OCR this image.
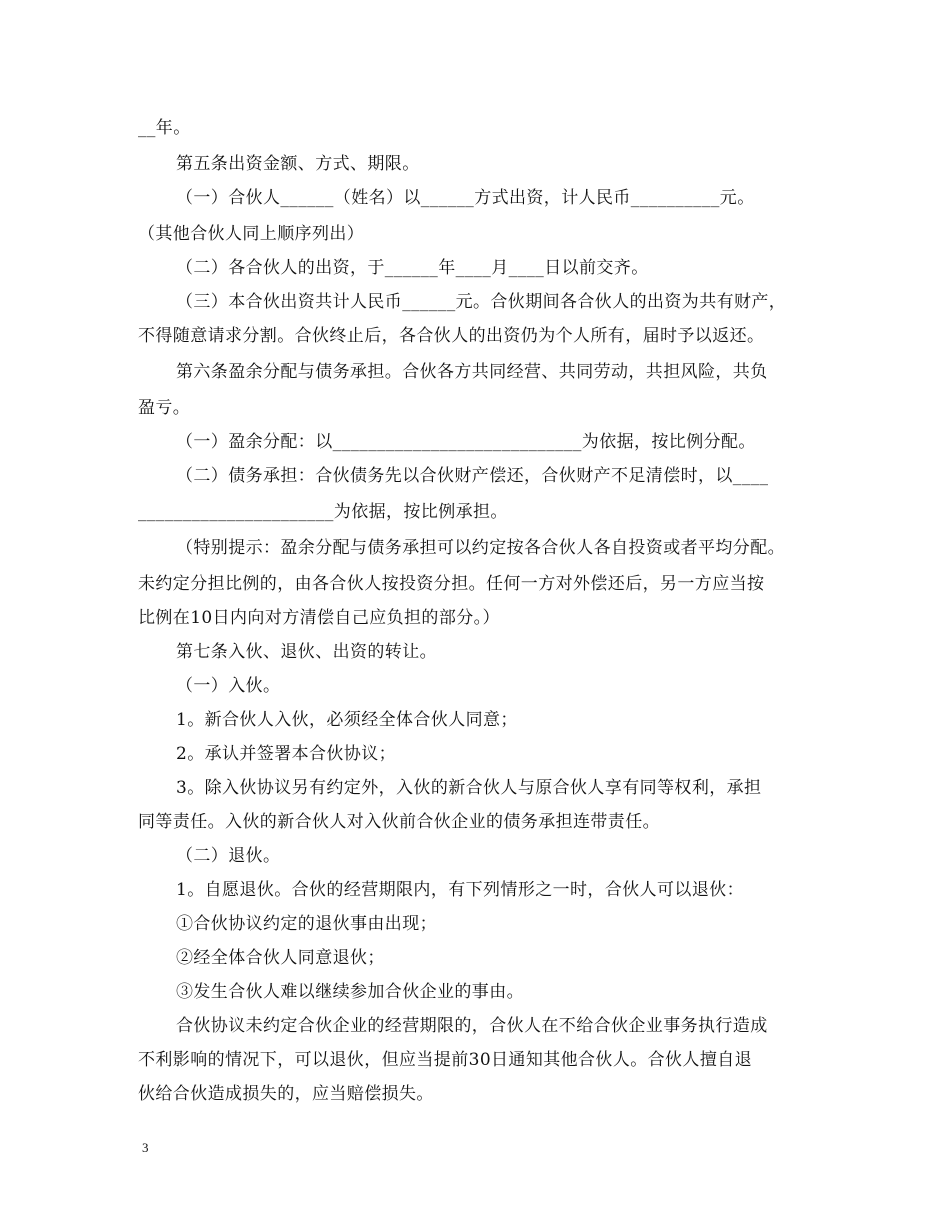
__年。
第五条出资金额、方式、期限。
（一）合伙人______（姓名）以______方式出资，计人民币__________元。
（其他合伙人同上顺序列出）
（二）各合伙人的出资，于______年____月____日以前交齐。
（三）本合伙出资共计人民币______元。合伙期间各合伙人的出资为共有财产，
不得随意请求分割。合伙终止后，各合伙人的出资仍为个人所有，届时予以返还。
第六条盈余分配与债务承担。合伙各方共同经营、共同劳动，共担风险，共负
盈亏。
（一）盈余分配：以____________________________为依据，按比例分配。
（二）债务承担：合伙债务先以合伙财产偿还，合伙财产不足清偿时，以____
______________________为依据，按比例承担。
（特别提示：盈余分配与债务承担可以约定按各合伙人各自投资或者平均分配。
未约定分担比例的，由各合伙人按投资分担。任何一方对外偿还后，另一方应当按
比例在10日内向对方清偿自己应负担的部分。）
第七条入伙、退伙、出资的转让。
（一）入伙。
1。新合伙人入伙，必须经全体合伙人同意；
2。承认并签署本合伙协议；
3。除入伙协议另有约定外，入伙的新合伙人与原合伙人享有同等权利，承担
同等责任。入伙的新合伙人对入伙前合伙企业的债务承担连带责任。
（二）退伙。
1。自愿退伙。合伙的经营期限内，有下列情形之一时，合伙人可以退伙：
①合伙协议约定的退伙事由出现；
②经全体合伙人同意退伙；
③发生合伙人难以继续参加合伙企业的事由。
合伙协议未约定合伙企业的经营期限的，合伙人在不给合伙企业事务执行造成
不利影响的情况下，可以退伙，但应当提前30日通知其他合伙人。合伙人擅自退
伙给合伙造成损失的，应当赔偿损失。
3
